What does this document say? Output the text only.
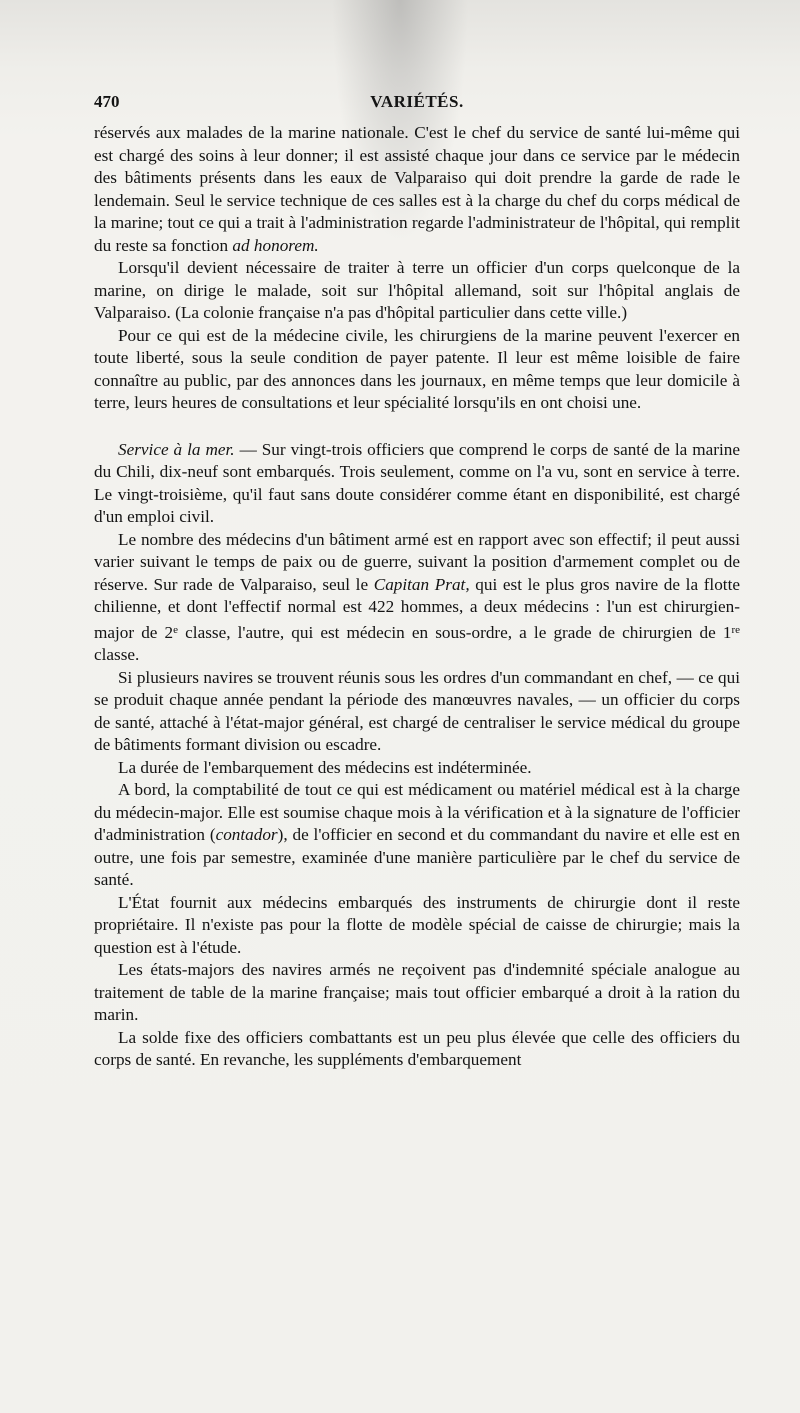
470	VARIÉTÉS.

réservés aux malades de la marine nationale. C'est le chef du service de santé lui-même qui est chargé des soins à leur donner; il est assisté chaque jour dans ce service par le médecin des bâtiments présents dans les eaux de Valparaiso qui doit prendre la garde de rade le lendemain. Seul le service technique de ces salles est à la charge du chef du corps médical de la marine; tout ce qui a trait à l'administration regarde l'administrateur de l'hôpital, qui remplit du reste sa fonction ad honorem.

Lorsqu'il devient nécessaire de traiter à terre un officier d'un corps quelconque de la marine, on dirige le malade, soit sur l'hôpital allemand, soit sur l'hôpital anglais de Valparaiso. (La colonie française n'a pas d'hôpital particulier dans cette ville.)

Pour ce qui est de la médecine civile, les chirurgiens de la marine peuvent l'exercer en toute liberté, sous la seule condition de payer patente. Il leur est même loisible de faire connaître au public, par des annonces dans les journaux, en même temps que leur domicile à terre, leurs heures de consultations et leur spécialité lorsqu'ils en ont choisi une.

Service à la mer. — Sur vingt-trois officiers que comprend le corps de santé de la marine du Chili, dix-neuf sont embarqués. Trois seulement, comme on l'a vu, sont en service à terre. Le vingt-troisième, qu'il faut sans doute considérer comme étant en disponibilité, est chargé d'un emploi civil.

Le nombre des médecins d'un bâtiment armé est en rapport avec son effectif; il peut aussi varier suivant le temps de paix ou de guerre, suivant la position d'armement complet ou de réserve. Sur rade de Valparaiso, seul le Capitan Prat, qui est le plus gros navire de la flotte chilienne, et dont l'effectif normal est 422 hommes, a deux médecins : l'un est chirurgien-major de 2e classe, l'autre, qui est médecin en sous-ordre, a le grade de chirurgien de 1re classe.

Si plusieurs navires se trouvent réunis sous les ordres d'un commandant en chef, — ce qui se produit chaque année pendant la période des manœuvres navales, — un officier du corps de santé, attaché à l'état-major général, est chargé de centraliser le service médical du groupe de bâtiments formant division ou escadre.

La durée de l'embarquement des médecins est indéterminée.

A bord, la comptabilité de tout ce qui est médicament ou matériel médical est à la charge du médecin-major. Elle est soumise chaque mois à la vérification et à la signature de l'officier d'administration (contador), de l'officier en second et du commandant du navire et elle est en outre, une fois par semestre, examinée d'une manière particulière par le chef du service de santé.

L'État fournit aux médecins embarqués des instruments de chirurgie dont il reste propriétaire. Il n'existe pas pour la flotte de modèle spécial de caisse de chirurgie; mais la question est à l'étude.

Les états-majors des navires armés ne reçoivent pas d'indemnité spéciale analogue au traitement de table de la marine française; mais tout officier embarqué a droit à la ration du marin.

La solde fixe des officiers combattants est un peu plus élevée que celle des officiers du corps de santé. En revanche, les suppléments d'embarquement
